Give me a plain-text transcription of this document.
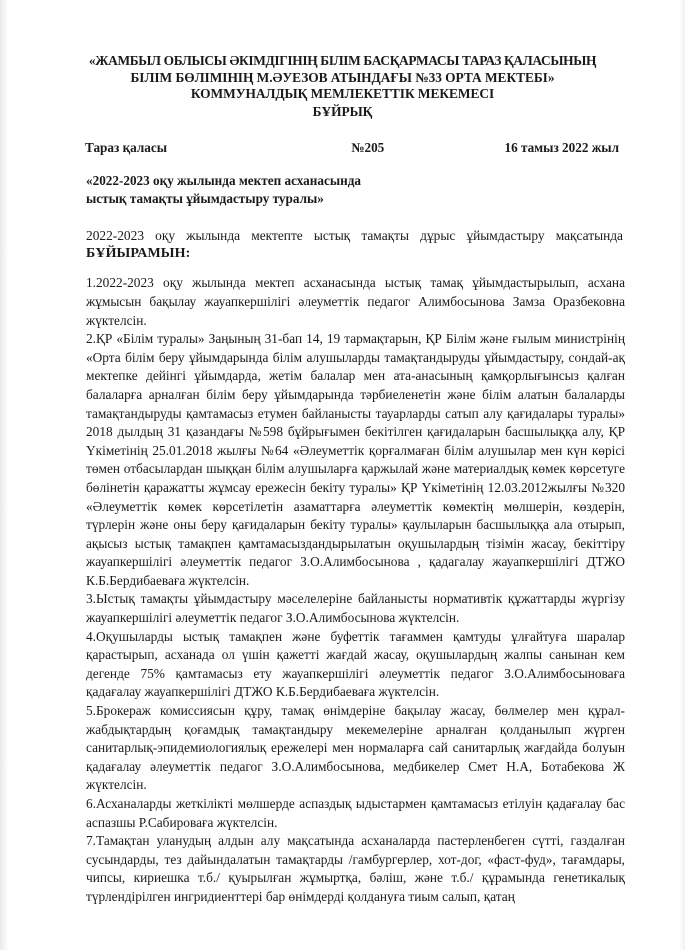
«ЖАМБЫЛ ОБЛЫСЫ ӘКІМДІГІНІҢ БІЛІМ БАСҚАРМАСЫ ТАРАЗ ҚАЛАСЫНЫҢ
БІЛІМ БӨЛІМІНІҢ М.ӘУЕЗОВ АТЫНДАҒЫ №33 ОРТА МЕКТЕБІ»
КОММУНАЛДЫҚ МЕМЛЕКЕТТІК МЕКЕМЕСІ
БҰЙРЫҚ
Тараз қаласы	№205	16 тамыз 2022 жыл
«2022-2023 оқу жылында мектеп асханасында
ыстық тамақты ұйымдастыру туралы»
2022-2023 оқу жылында мектепте ыстық тамақты дұрыс ұйымдастыру мақсатында
БҰЙЫРАМЫН:

1.2022-2023 оқу жылында мектеп асханасында ыстық тамақ ұйымдастырылып, асхана жұмысын бақылау жауапкершілігі әлеуметтік педагог Алимбосынова Замза Оразбековна жүктелсін.

2.ҚР «Білім туралы» Заңының 31-бап 14, 19 тармақтарын, ҚР Білім және ғылым министрінің «Орта білім беру ұйымдарында білім алушыларды тамақтандыруды ұйымдастыру, сондай-ақ мектепке дейінгі ұйымдарда, жетім балалар мен ата-анасының қамқорлығынсыз қалған балаларға арналған білім беру ұйымдарында тәрбиеленетін және білім алатын балаларды тамақтандыруды қамтамасыз етумен байланысты тауарларды сатып алу қағидалары туралы» 2018 дылдың 31 қазандағы №598 бұйрығымен бекітілген қағидаларын басшылыққа алу, ҚР Үкіметінің 25.01.2018 жылғы №64 «Әлеуметтік қорғалмаған білім алушылар мен күн көрісі төмен отбасылардан шыққан білім алушыларға қаржылай және материалдық көмек көрсетуге бөлінетін қаражатты жұмсау ережесін бекіту туралы» ҚР Үкіметінің 12.03.2012жылғы №320 «Әлеуметтік көмек көрсетілетін азаматтарға әлеуметтік көмектің мөлшерін, көздерін, түрлерін және оны беру қағидаларын бекіту туралы» қаулыларын басшылыққа ала отырып, ақысыз ыстық тамақпен қамтамасыздандырылатын оқушылардың тізімін жасау, бекіттіру жауапкершілігі әлеуметтік педагог З.О.Алимбосынова , қадагалау жауапкершілігі ДТЖО К.Б.Бердибаеваға жүктелсін.

3.Ыстық тамақты ұйымдастыру мәселелеріне байланысты нормативтік құжаттарды жүргізу жауапкершілігі әлеуметтік педагог З.О.Алимбосынова жүктелсін.

4.Оқушыларды ыстық тамақпен және буфеттік тағаммен қамтуды ұлғайтуға шаралар қарастырып, асханада ол үшін қажетті жағдай жасау, оқушылардың жалпы санынан кем дегенде 75% қамтамасыз ету жауапкершілігі әлеуметтік педагог З.О.Алимбосыноваға қадағалау жауапкершілігі ДТЖО К.Б.Бердибаеваға жүктелсін.

5.Брокераж комиссиясын құру, тамақ өнімдеріне бақылау жасау, бөлмелер мен құрал-жабдықтардың қоғамдық тамақтандыру мекемелеріне арналған қолданылып жүрген санитарлық-эпидемиологиялық ережелері мен нормаларға сай санитарлық жағдайда болуын қадағалау әлеуметтік педагог З.О.Алимбосынова, медбикелер Смет Н.А, Ботабекова Ж жүктелсін.

6.Асханаларды жеткілікті мөлшерде аспаздық ыдыстармен қамтамасыз етілуін қадағалау бас аспазшы Р.Сабироваға жүктелсін.

7.Тамақтан уланудың алдын алу мақсатында асханаларда пастерленбеген сүтті, газдалған сусындарды, тез дайындалатын тамақтарды /гамбургерлер, хот-дог, «фаст-фуд», тағамдары, чипсы, кириешка т.б./ қуырылған жұмыртқа, бәліш, және т.б./ құрамында генетикалық түрлендірілген ингридиенттері бар өнімдерді қолдануға тиым салып, қатаң
